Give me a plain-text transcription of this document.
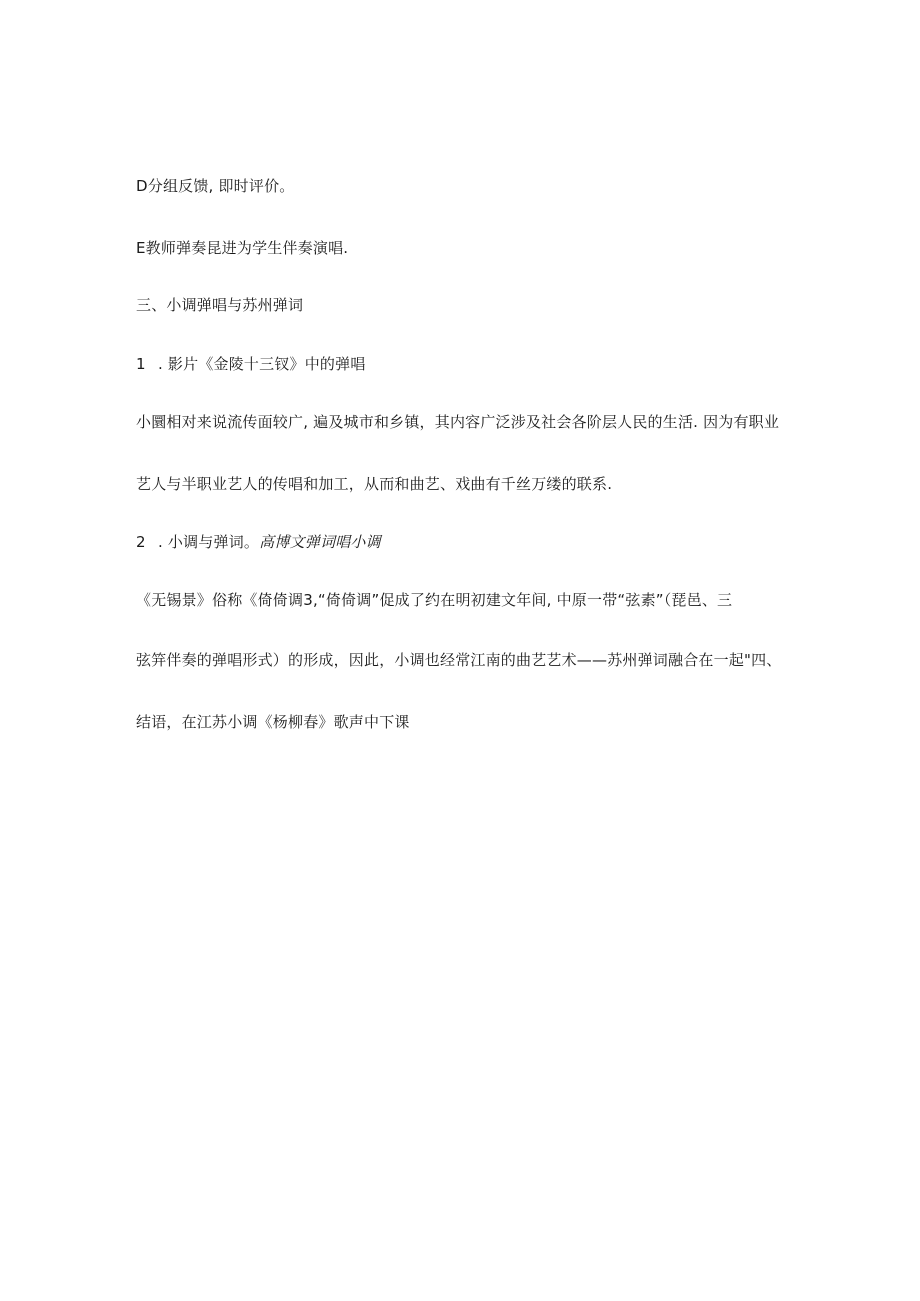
D分组反馈, 即时评价。
E教师弹奏昆进为学生伴奏演唱.
三、小调弹唱与苏州弹词
1 . 影片《金陵十三钗》中的弹唱
小圜相对来说流传面较广, 遍及城市和乡镇，其内容广泛涉及社会各阶层人民的生活. 因为有职业
艺人与半职业艺人的传唱和加工，从而和曲艺、戏曲有千丝万缕的联系.
2 . 小调与弹词。高博文弹词唱小调
《无锡景》俗称《倚倚调3,“倚倚调”促成了约在明初建文年间, 中原一带“弦素”（琵邑、三
弦笄伴奏的弹唱形式）的形成，因此，小调也经常江南的曲艺艺术——苏州弹词融合在一起"四、
结语，在江苏小调《杨柳春》歌声中下课
